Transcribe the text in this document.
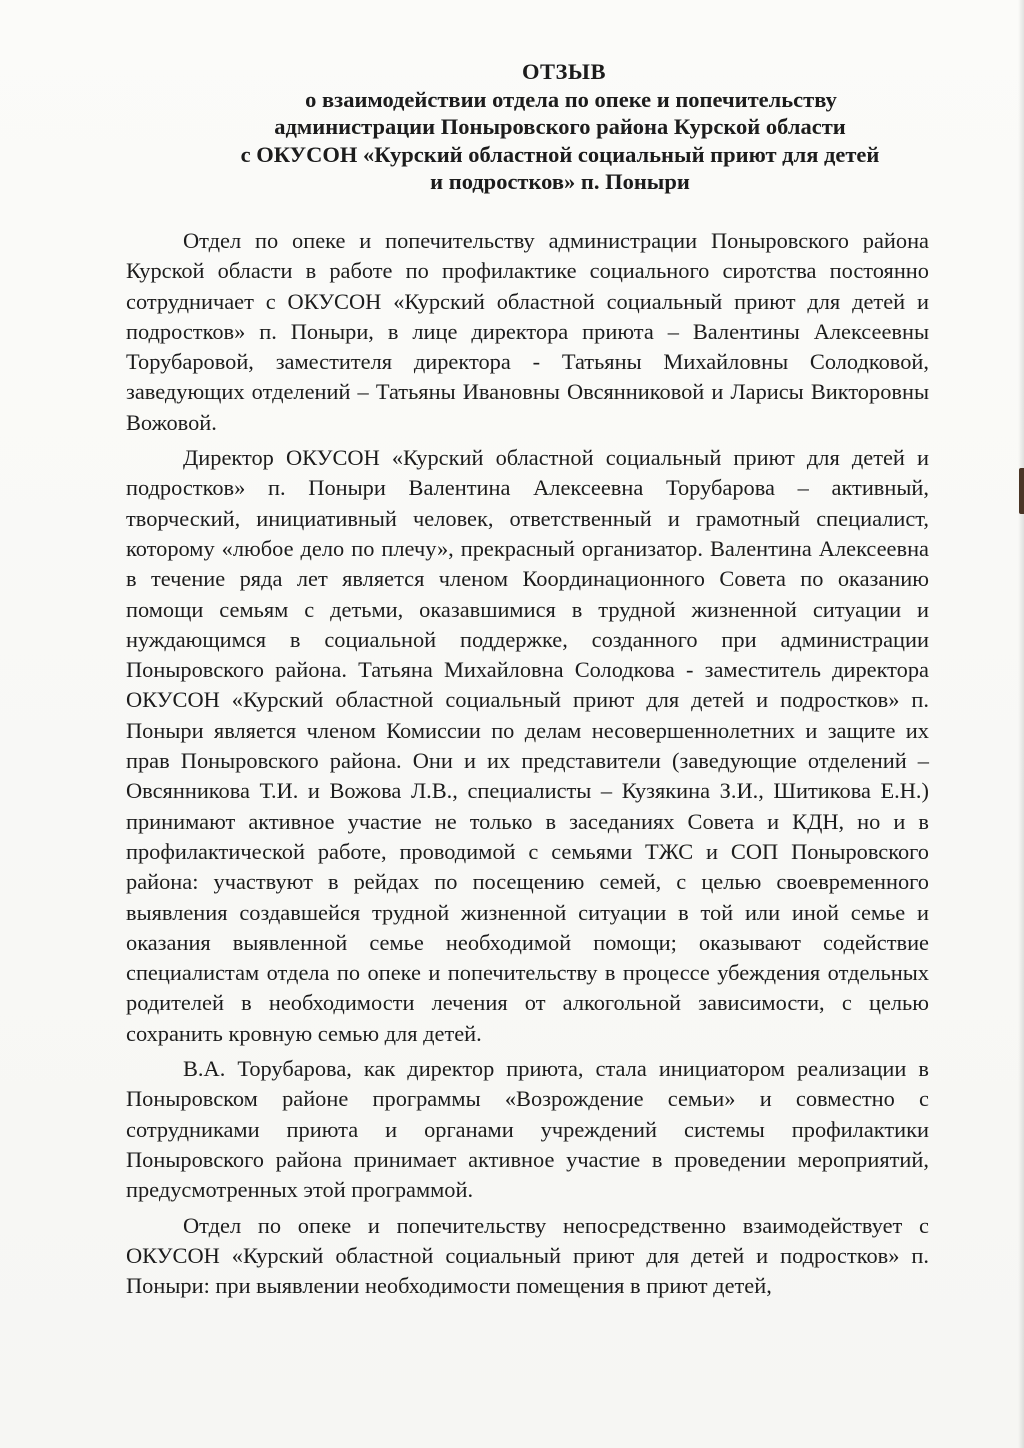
ОТЗЫВ
о взаимодействии отдела по опеке и попечительству
администрации Поныровского района Курской области
с ОКУСОН «Курский областной социальный приют для детей
и подростков» п. Поныри

Отдел по опеке и попечительству администрации Поныровского района Курской области в работе по профилактике социального сиротства постоянно сотрудничает с ОКУСОН «Курский областной социальный приют для детей и подростков» п. Поныри, в лице директора приюта – Валентины Алексеевны Торубаровой, заместителя директора - Татьяны Михайловны Солодковой, заведующих отделений – Татьяны Ивановны Овсянниковой и Ларисы Викторовны Вожовой.

Директор ОКУСОН «Курский областной социальный приют для детей и подростков» п. Поныри Валентина Алексеевна Торубарова – активный, творческий, инициативный человек, ответственный и грамотный специалист, которому «любое дело по плечу», прекрасный организатор. Валентина Алексеевна в течение ряда лет является членом Координационного Совета по оказанию помощи семьям с детьми, оказавшимися в трудной жизненной ситуации и нуждающимся в социальной поддержке, созданного при администрации Поныровского района. Татьяна Михайловна Солодкова - заместитель директора ОКУСОН «Курский областной социальный приют для детей и подростков» п. Поныри является членом Комиссии по делам несовершеннолетних и защите их прав Поныровского района. Они и их представители (заведующие отделений – Овсянникова Т.И. и Вожова Л.В., специалисты – Кузякина З.И., Шитикова Е.Н.) принимают активное участие не только в заседаниях Совета и КДН, но и в профилактической работе, проводимой с семьями ТЖС и СОП Поныровского района: участвуют в рейдах по посещению семей, с целью своевременного выявления создавшейся трудной жизненной ситуации в той или иной семье и оказания выявленной семье необходимой помощи; оказывают содействие специалистам отдела по опеке и попечительству в процессе убеждения отдельных родителей в необходимости лечения от алкогольной зависимости, с целью сохранить кровную семью для детей.

В.А. Торубарова, как директор приюта, стала инициатором реализации в Поныровском районе программы «Возрождение семьи» и совместно с сотрудниками приюта и органами учреждений системы профилактики Поныровского района принимает активное участие в проведении мероприятий, предусмотренных этой программой.

Отдел по опеке и попечительству непосредственно взаимодействует с ОКУСОН «Курский областной социальный приют для детей и подростков» п. Поныри: при выявлении необходимости помещения в приют детей,
